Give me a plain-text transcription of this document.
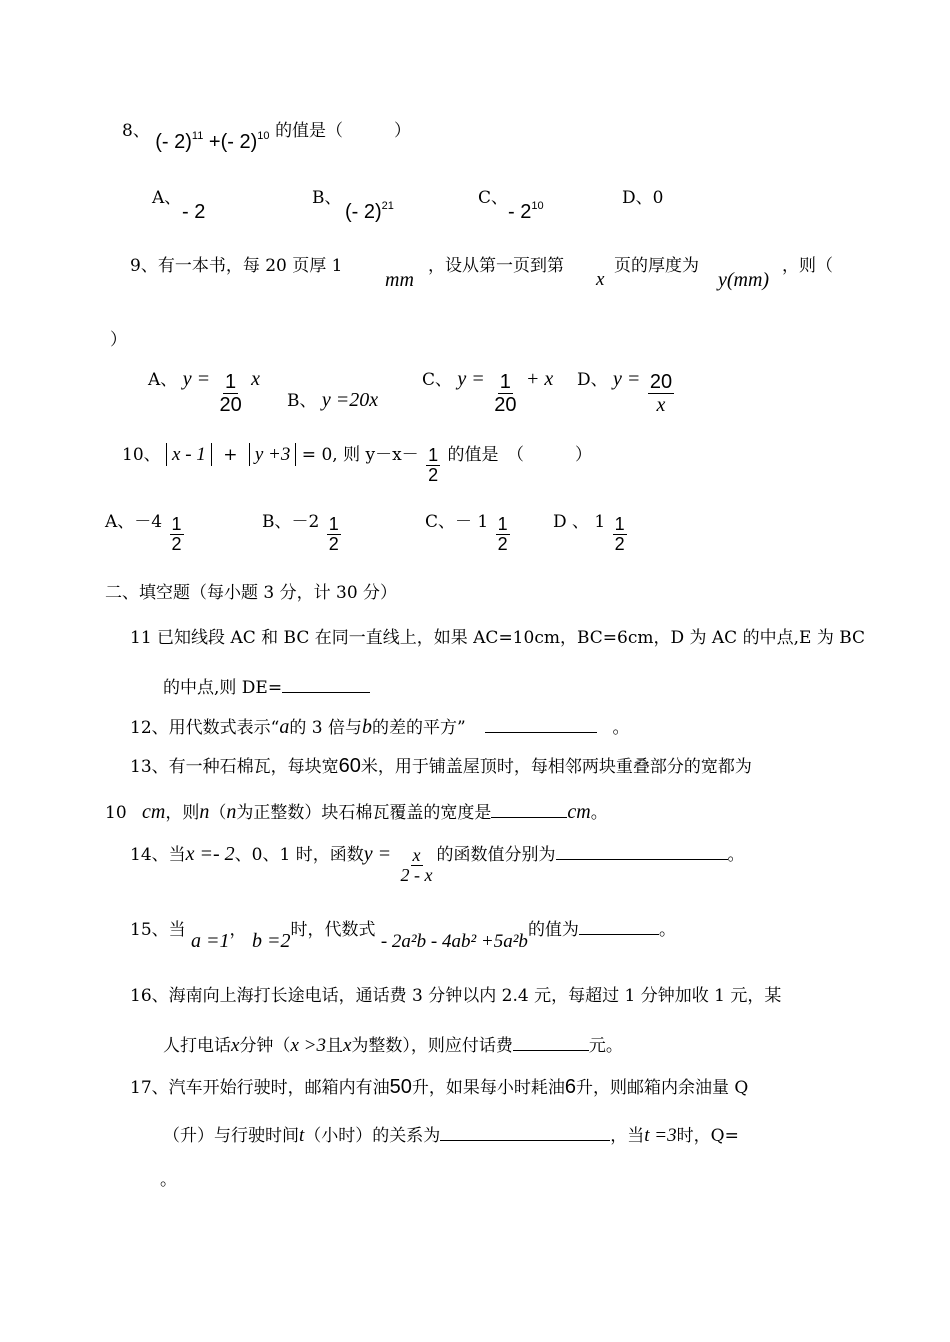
8、 (- 2)$^{11}$ +(- 2)$^{10}$ 的值是（　　　）
A、
- 2
B、
(- 2)$^{21}$	C、
- $2^{10}$	D、0
9、有一本书，每 20 页厚 1
mm
，设从第一页到第
x
页的厚度为
y(mm)
，则（
）
A、 $y = \frac{1}{20}$ x
B、 y =20x
C、 $y = \frac{1}{20} + x$ D、 $y = \frac{20}{x}$
10、 x - 1 + y +3 = 0, 则 $y-x- \frac{1}{2}$ 的值是　（　　　）
A、$-4 \frac{1}{2}$	B、$-2 \frac{1}{2}$	C、－ $1 \frac{1}{2}$	D 、 $1 \frac{1}{2}$
二、填空题（每小题 3 分，计 30 分）
11 已知线段 AC 和 BC 在同一直线上，如果 AC=10cm，BC=6cm，D 为 AC 的中点,E 为 BC
的中点,则 DE=
12、用代数式表示“a的 3 倍与b的差的平方”	。
13、有一种石棉瓦，每块宽60米，用于铺盖屋顶时，每相邻两块重叠部分的宽都为
10 cm，则n（n为正整数）块石棉瓦覆盖的宽度是	cm。
14、当x =- 2、0、1 时，函数$y = \frac{x}{2 - x}$ 的函数值分别为	。
15、当 a =1， b =2时，代数式 - 2a²b - 4ab² +5a²b的值为	。
16、海南向上海打长途电话，通话费 3 分钟以内 2.4 元，每超过 1 分钟加收 1 元，某
人打电话x分钟（x >3且x为整数），则应付话费	元。
17、汽车开始行驶时，邮箱内有油50升，如果每小时耗油6升，则邮箱内余油量 Q
（升）与行驶时间t（小时）的关系为	，当t =3时，Q=
。
